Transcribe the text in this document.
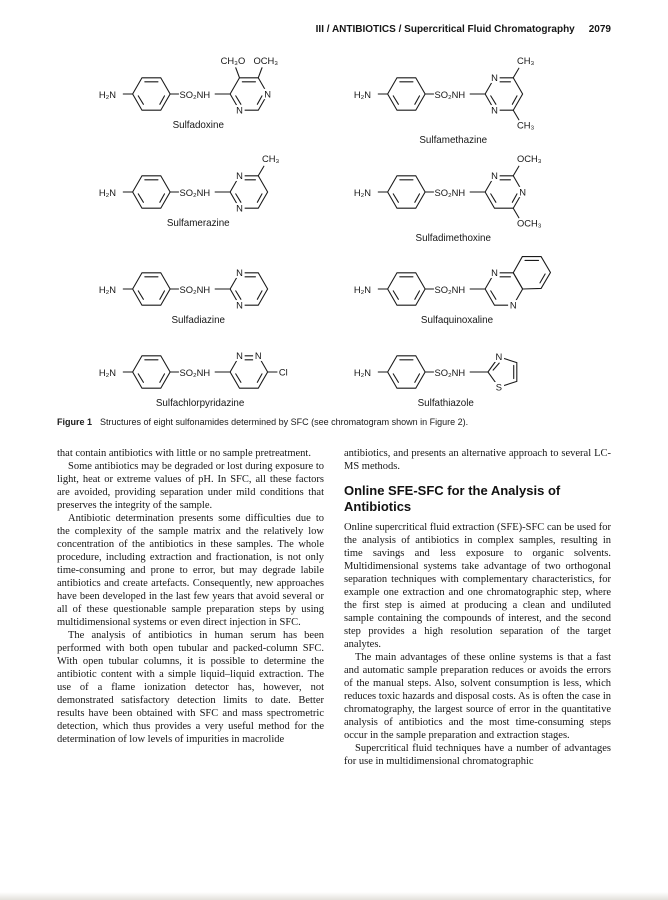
III / ANTIBIOTICS / Supercritical Fluid Chromatography 2079
H₂N	SO₂NH	N
N
CH₃O OCH₃
Sulfadoxine
H₂N	SO₂NH
N
N
CH₃
CH₃
Sulfamethazine
H₂N	SO₂NH
N
N
CH₃
Sulfamerazine
H₂N	SO₂NH
N
N
OCH₃
OCH₃
Sulfadimethoxine
H₂N	SO₂NH
N
N
Sulfadiazine
H₂N	SO₂NH
N
N
Sulfaquinoxaline
H₂N	SO₂NH
N N
Cl
Sulfachlorpyridazine
H₂N	SO₂NH
N
S
Sulfathiazole
Figure 1 Structures of eight sulfonamides determined by SFC (see chromatogram shown in Figure 2).

that contain antibiotics with little or no sample pretreatment.

Some antibiotics may be degraded or lost during exposure to light, heat or extreme values of pH. In SFC, all these factors are avoided, providing separation under mild conditions that preserves the integrity of the sample.

Antibiotic determination presents some difficulties due to the complexity of the sample matrix and the relatively low concentration of the antibiotics in these samples. The whole procedure, including extraction and fractionation, is not only time-consuming and prone to error, but may degrade labile antibiotics and create artefacts. Consequently, new approaches have been developed in the last few years that avoid several or all of these questionable sample preparation steps by using multidimensional systems or even direct injection in SFC.

The analysis of antibiotics in human serum has been performed with both open tubular and packed-column SFC. With open tubular columns, it is possible to determine the antibiotic content with a simple liquid–liquid extraction. The use of a flame ionization detector has, however, not demonstrated satisfactory detection limits to date. Better results have been obtained with SFC and mass spectrometric detection, which thus provides a very useful method for the determination of low levels of impurities in macrolide

antibiotics, and presents an alternative approach to several LC-MS methods.

Online SFE-SFC for the Analysis of Antibiotics

Online supercritical fluid extraction (SFE)-SFC can be used for the analysis of antibiotics in complex samples, resulting in time savings and less exposure to organic solvents. Multidimensional systems take advantage of two orthogonal separation techniques with complementary characteristics, for example one extraction and one chromatographic step, where the first step is aimed at producing a clean and undiluted sample containing the compounds of interest, and the second step provides a high resolution separation of the target analytes.

The main advantages of these online systems is that a fast and automatic sample preparation reduces or avoids the errors of the manual steps. Also, solvent consumption is less, which reduces toxic hazards and disposal costs. As is often the case in chromatography, the largest source of error in the quantitative analysis of antibiotics and the most time-consuming steps occur in the sample preparation and extraction stages.

Supercritical fluid techniques have a number of advantages for use in multidimensional chromatographic
